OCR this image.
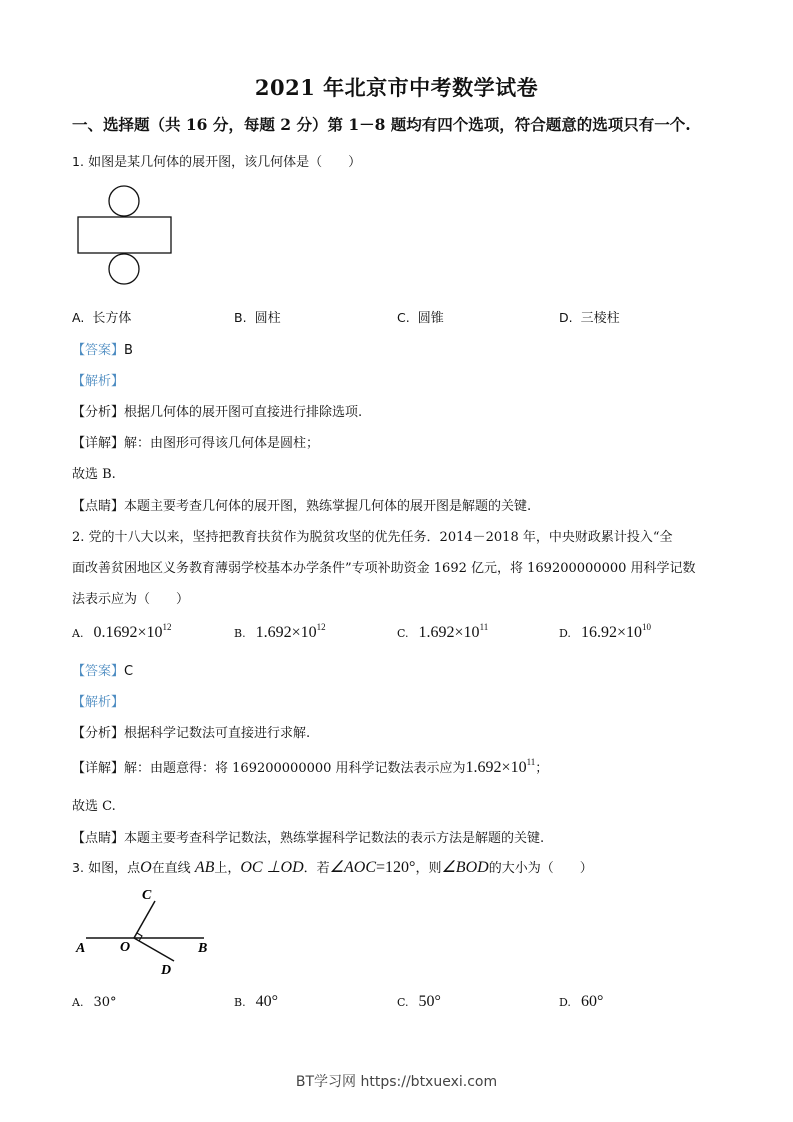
2021 年北京市中考数学试卷
一、选择题（共 16 分，每题 2 分）第 1－8 题均有四个选项，符合题意的选项只有一个.
1. 如图是某几何体的展开图，该几何体是（　　）
A. 长方体	B. 圆柱	C. 圆锥	D. 三棱柱
【答案】B
【解析】
【分析】根据几何体的展开图可直接进行排除选项.
【详解】解：由图形可得该几何体是圆柱；
故选 B.
【点睛】本题主要考查几何体的展开图，熟练掌握几何体的展开图是解题的关键.
2. 党的十八大以来，坚持把教育扶贫作为脱贫攻坚的优先任务．2014－2018 年，中央财政累计投入“全
面改善贫困地区义务教育薄弱学校基本办学条件”专项补助资金 1692 亿元，将 169200000000 用科学记数
法表示应为（　　）
A. $0.1692\times 10^{12}$	B. $1.692\times 10^{12}$	C. $1.692\times 10^{11}$	D. $16.92\times 10^{10}$
【答案】C
【解析】
【分析】根据科学记数法可直接进行求解.
【详解】解：由题意得：将 169200000000 用科学记数法表示应为$1.692\times 10^{11}$；
故选 C.
【点睛】本题主要考查科学记数法，熟练掌握科学记数法的表示方法是解题的关键.
3. 如图，点O在直线 AB上，OC ⊥OD．若∠AOC=120°，则∠BOD的大小为（　　）
A O	B
C
D
A. 30°	B. 40°	C. 50°	D. 60°
BT学习网 https://btxuexi.com
